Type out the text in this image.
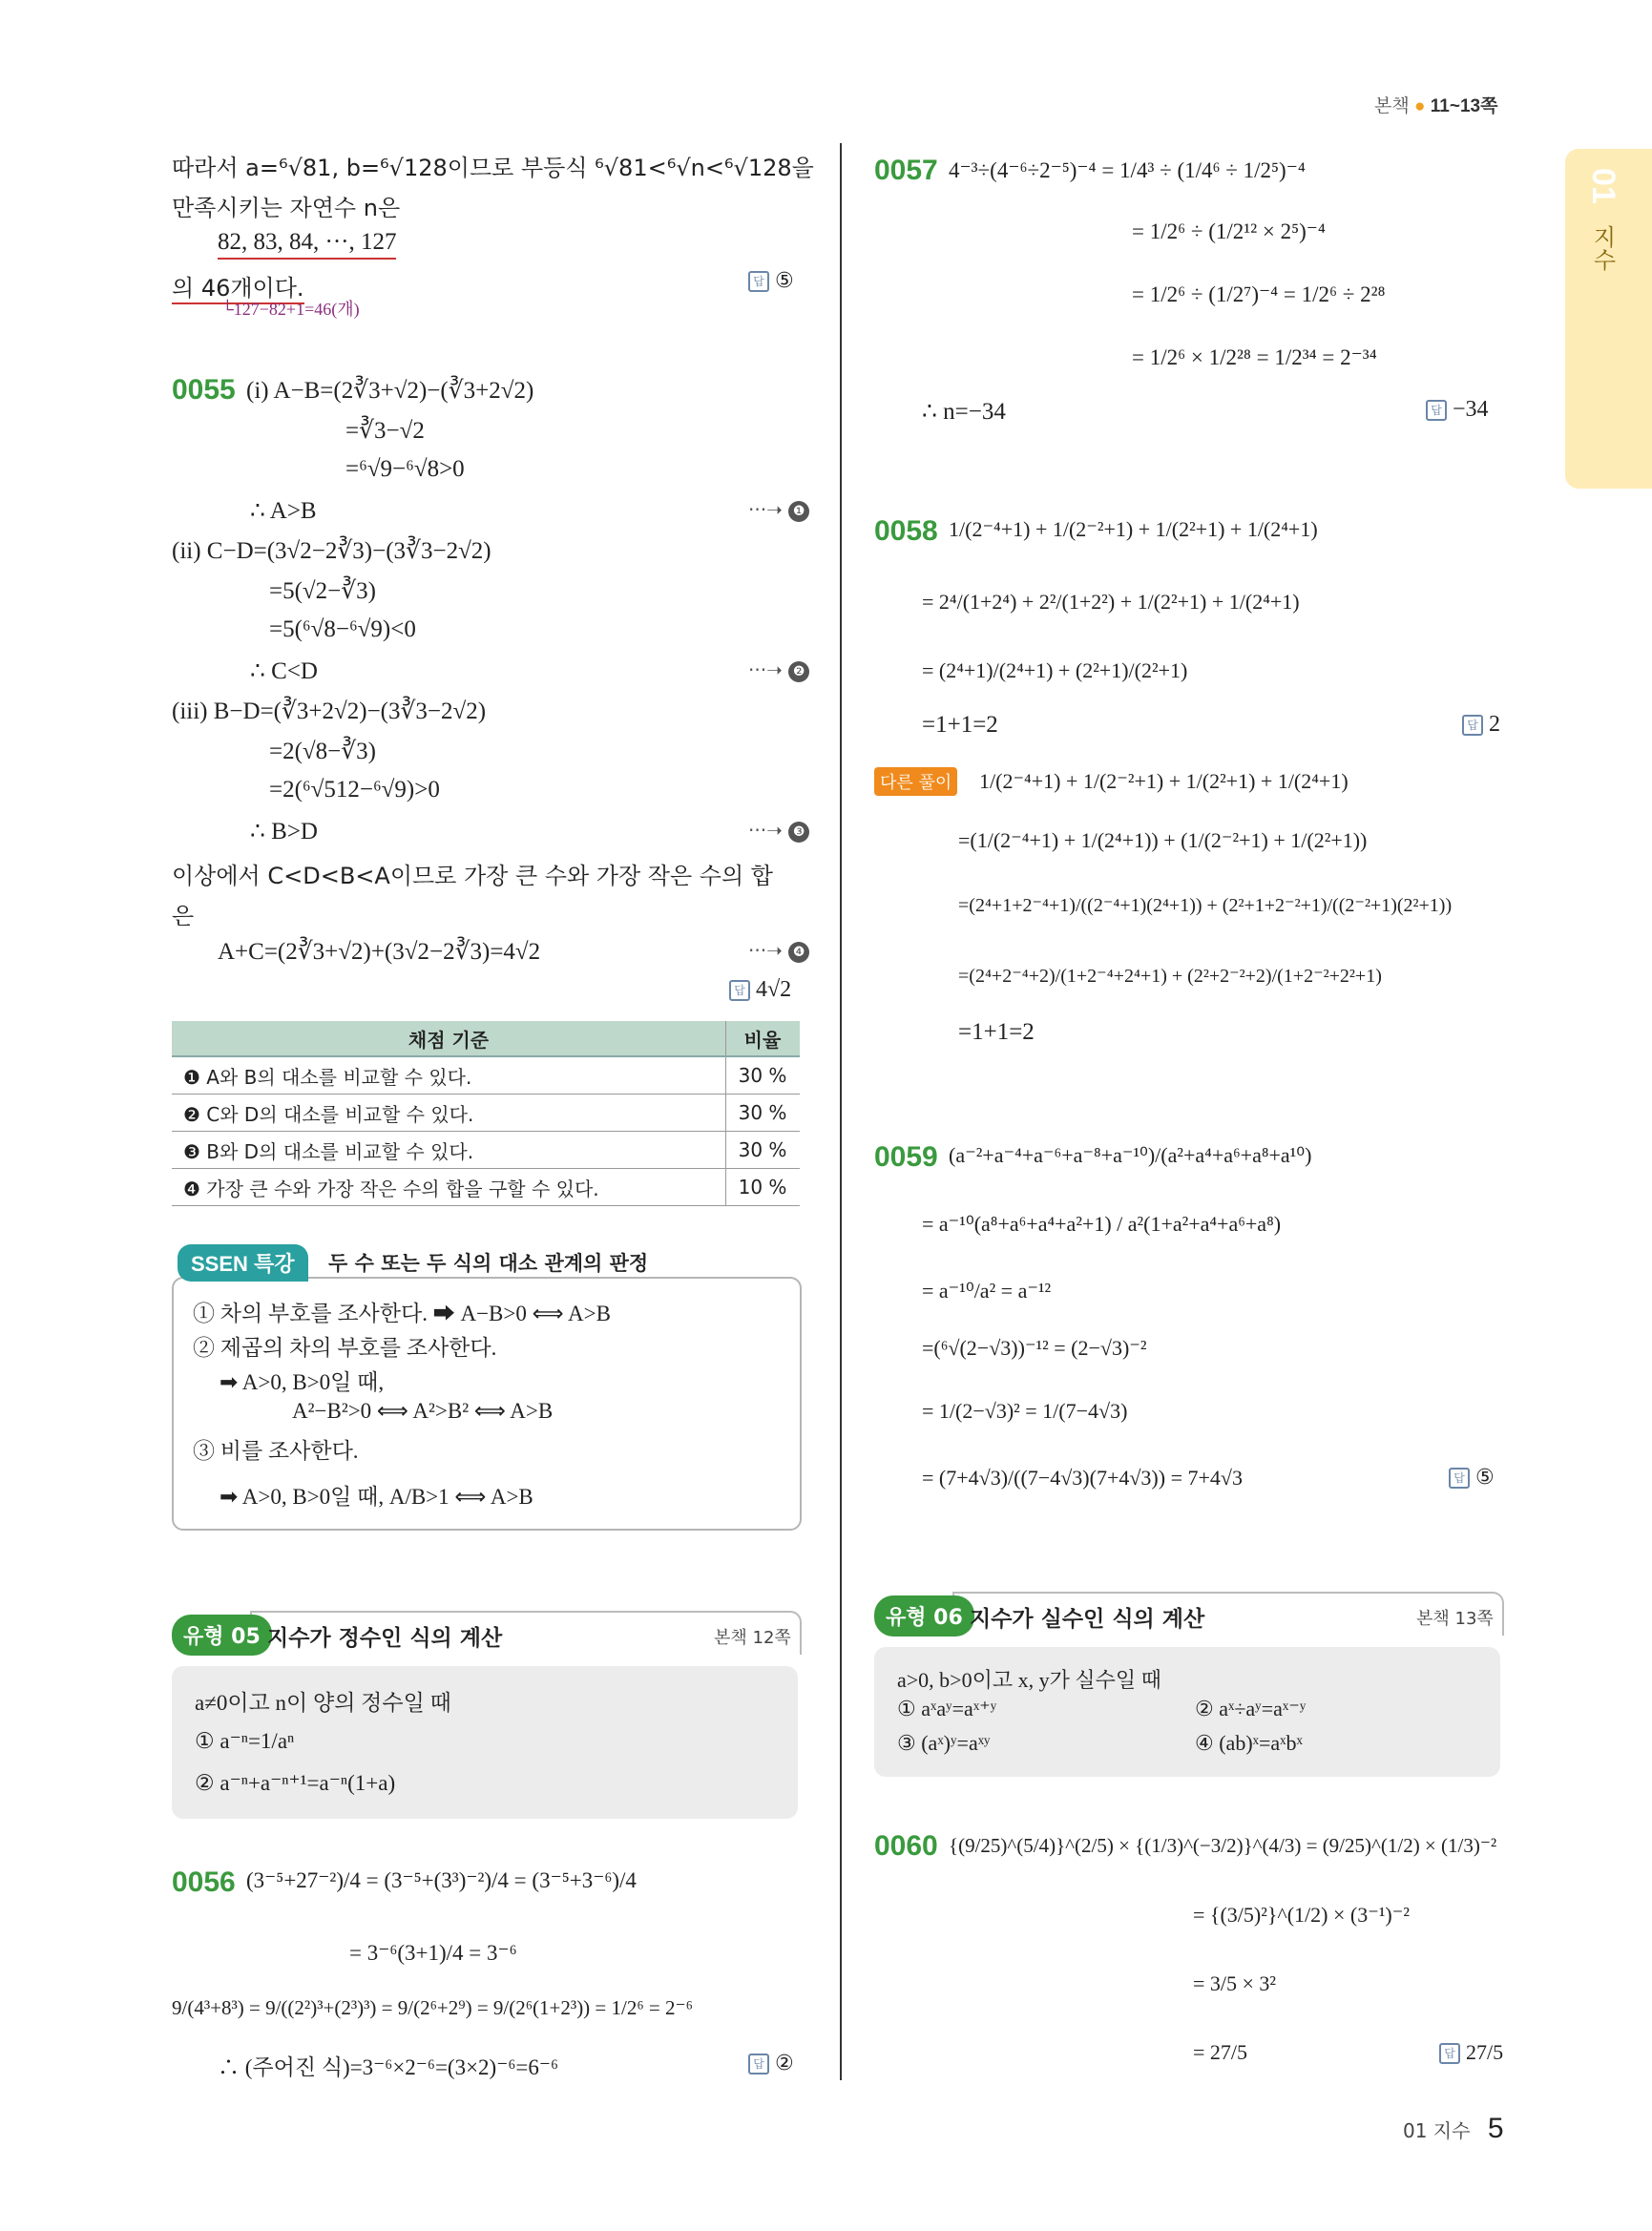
본책 ● 11~13쪽
01
지수
따라서 a=⁶√81, b=⁶√128이므로 부등식 ⁶√81<⁶√n<⁶√128을
만족시키는 자연수 n은
82, 83, 84, ···, 127
의 46개이다.
└127−82+1=46(개)
답 ⑤
0055 (i) A−B=(2∛3+√2)−(∛3+2√2)
=∛3−√2
=⁶√9−⁶√8>0
∴ A>B	···➝ ❶
(ii) C−D=(3√2−2∛3)−(3∛3−2√2)
=5(√2−∛3)
=5(⁶√8−⁶√9)<0
∴ C<D	···➝ ❷
(iii) B−D=(∛3+2√2)−(3∛3−2√2)
=2(√8−∛3)
=2(⁶√512−⁶√9)>0
∴ B>D	···➝ ❸
이상에서 C<D<B<A이므로 가장 큰 수와 가장 작은 수의 합
은
A+C=(2∛3+√2)+(3√2−2∛3)=4√2	···➝ ❹
답 4√2
채점 기준	비율
❶ A와 B의 대소를 비교할 수 있다.	30 %
❷ C와 D의 대소를 비교할 수 있다.	30 %
❸ B와 D의 대소를 비교할 수 있다.	30 %
❹ 가장 큰 수와 가장 작은 수의 합을 구할 수 있다.	10 %
SSEN 특강	두 수 또는 두 식의 대소 관계의 판정
① 차의 부호를 조사한다. ➡ A−B>0 ⟺ A>B
② 제곱의 차의 부호를 조사한다.
➡ A>0, B>0일 때,
A²−B²>0 ⟺ A²>B² ⟺ A>B
③ 비를 조사한다.
➡ A>0, B>0일 때, A/B>1 ⟺ A>B
유형 05 지수가 정수인 식의 계산	본책 12쪽
a≠0이고 n이 양의 정수일 때
① a⁻ⁿ=1/aⁿ
② a⁻ⁿ+a⁻ⁿ⁺¹=a⁻ⁿ(1+a)
0056 (3⁻⁵+27⁻²)/4 = (3⁻⁵+(3³)⁻²)/4 = (3⁻⁵+3⁻⁶)/4
= 3⁻⁶(3+1)/4 = 3⁻⁶
9/(4³+8³) = 9/((2²)³+(2³)³) = 9/(2⁶+2⁹) = 9/(2⁶(1+2³)) = 1/2⁶ = 2⁻⁶
∴ (주어진 식)=3⁻⁶×2⁻⁶=(3×2)⁻⁶=6⁻⁶	답 ②
0057 4⁻³÷(4⁻⁶÷2⁻⁵)⁻⁴ = 1/4³ ÷ (1/4⁶ ÷ 1/2⁵)⁻⁴
= 1/2⁶ ÷ (1/2¹² × 2⁵)⁻⁴
= 1/2⁶ ÷ (1/2⁷)⁻⁴ = 1/2⁶ ÷ 2²⁸
= 1/2⁶ × 1/2²⁸ = 1/2³⁴ = 2⁻³⁴
∴ n=−34	답 −34
0058 1/(2⁻⁴+1) + 1/(2⁻²+1) + 1/(2²+1) + 1/(2⁴+1)
= 2⁴/(1+2⁴) + 2²/(1+2²) + 1/(2²+1) + 1/(2⁴+1)
= (2⁴+1)/(2⁴+1) + (2²+1)/(2²+1)
=1+1=2	답 2
다른 풀이 1/(2⁻⁴+1) + 1/(2⁻²+1) + 1/(2²+1) + 1/(2⁴+1)
=(1/(2⁻⁴+1) + 1/(2⁴+1)) + (1/(2⁻²+1) + 1/(2²+1))
=(2⁴+1+2⁻⁴+1)/((2⁻⁴+1)(2⁴+1)) + (2²+1+2⁻²+1)/((2⁻²+1)(2²+1))
=(2⁴+2⁻⁴+2)/(1+2⁻⁴+2⁴+1) + (2²+2⁻²+2)/(1+2⁻²+2²+1)
=1+1=2
0059 (a⁻²+a⁻⁴+a⁻⁶+a⁻⁸+a⁻¹⁰)/(a²+a⁴+a⁶+a⁸+a¹⁰)
= a⁻¹⁰(a⁸+a⁶+a⁴+a²+1) / a²(1+a²+a⁴+a⁶+a⁸)
= a⁻¹⁰/a² = a⁻¹²
=(⁶√(2−√3))⁻¹² = (2−√3)⁻²
= 1/(2−√3)² = 1/(7−4√3)
= (7+4√3)/((7−4√3)(7+4√3)) = 7+4√3	답 ⑤
유형 06 지수가 실수인 식의 계산	본책 13쪽
a>0, b>0이고 x, y가 실수일 때
① aˣaʸ=aˣ⁺ʸ	② aˣ÷aʸ=aˣ⁻ʸ
③ (aˣ)ʸ=aˣʸ	④ (ab)ˣ=aˣbˣ
0060 {(9/25)^(5/4)}^(2/5) × {(1/3)^(−3/2)}^(4/3) = (9/25)^(1/2) × (1/3)⁻²
= {(3/5)²}^(1/2) × (3⁻¹)⁻²
= 3/5 × 3²
= 27/5	답 27/5
01 지수 5
